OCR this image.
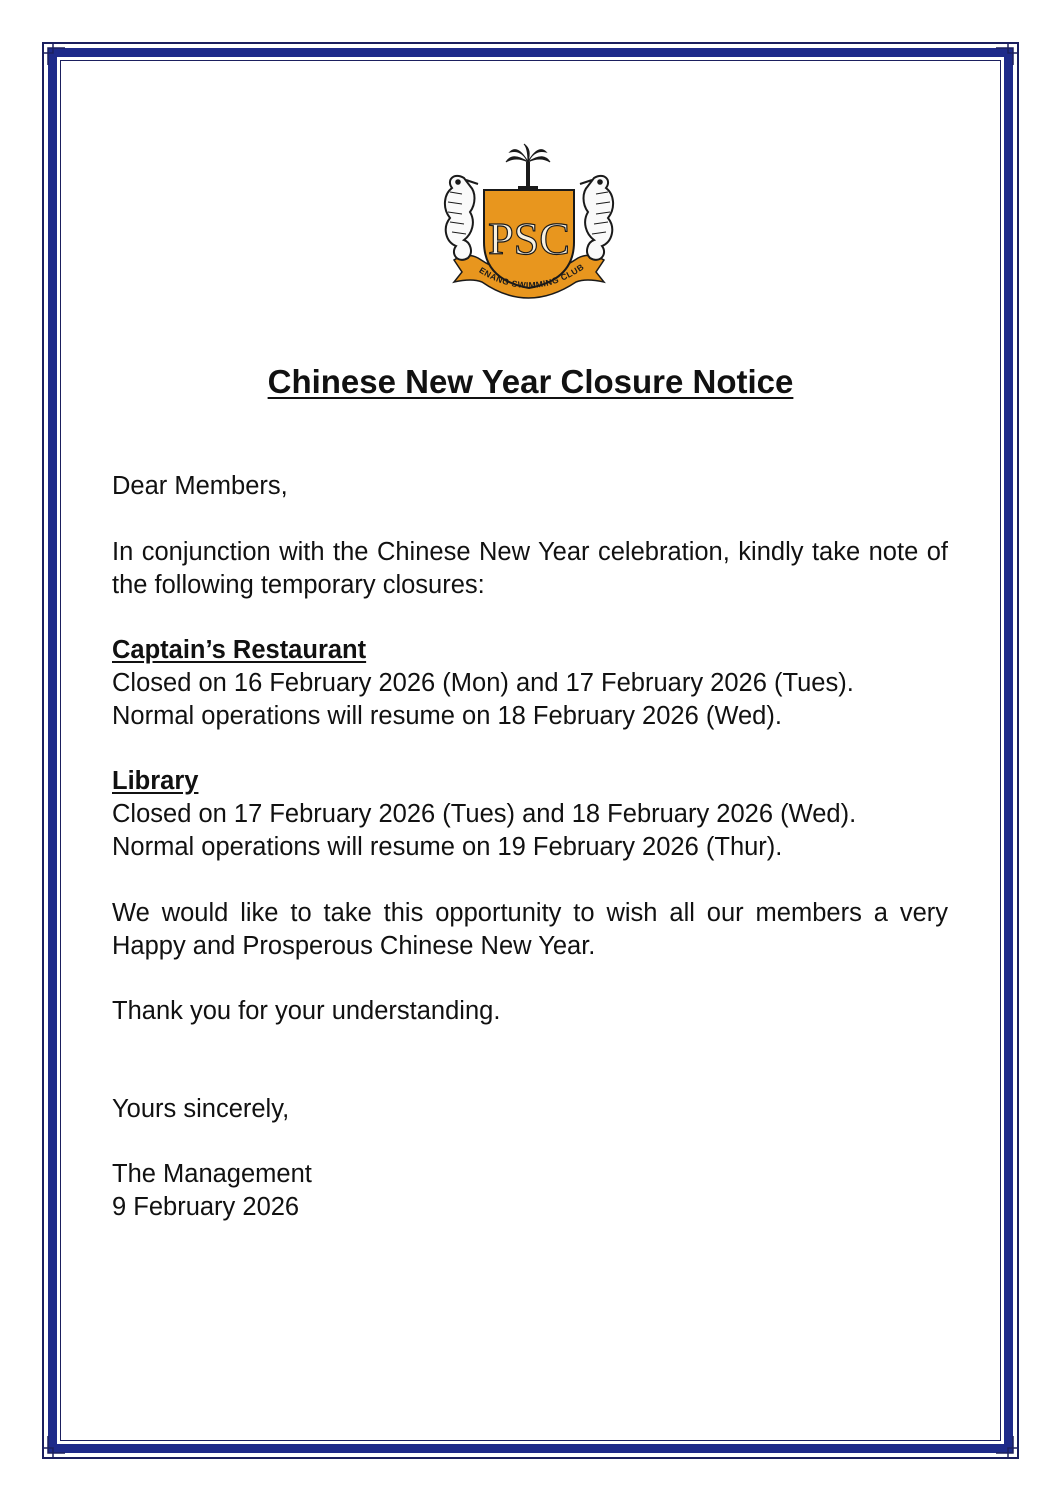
PSC
ENANG SWIMMING CLUB
Chinese New Year Closure Notice
Dear Members,
In conjunction with the Chinese New Year celebration, kindly take note of the following temporary closures:
Captain’s Restaurant
Closed on 16 February 2026 (Mon) and 17 February 2026 (Tues).
Normal operations will resume on 18 February 2026 (Wed).
Library
Closed on 17 February 2026 (Tues) and 18 February 2026 (Wed).
Normal operations will resume on 19 February 2026 (Thur).
We would like to take this opportunity to wish all our members a very Happy and Prosperous Chinese New Year.
Thank you for your understanding.
Yours sincerely,
The Management
9 February 2026
